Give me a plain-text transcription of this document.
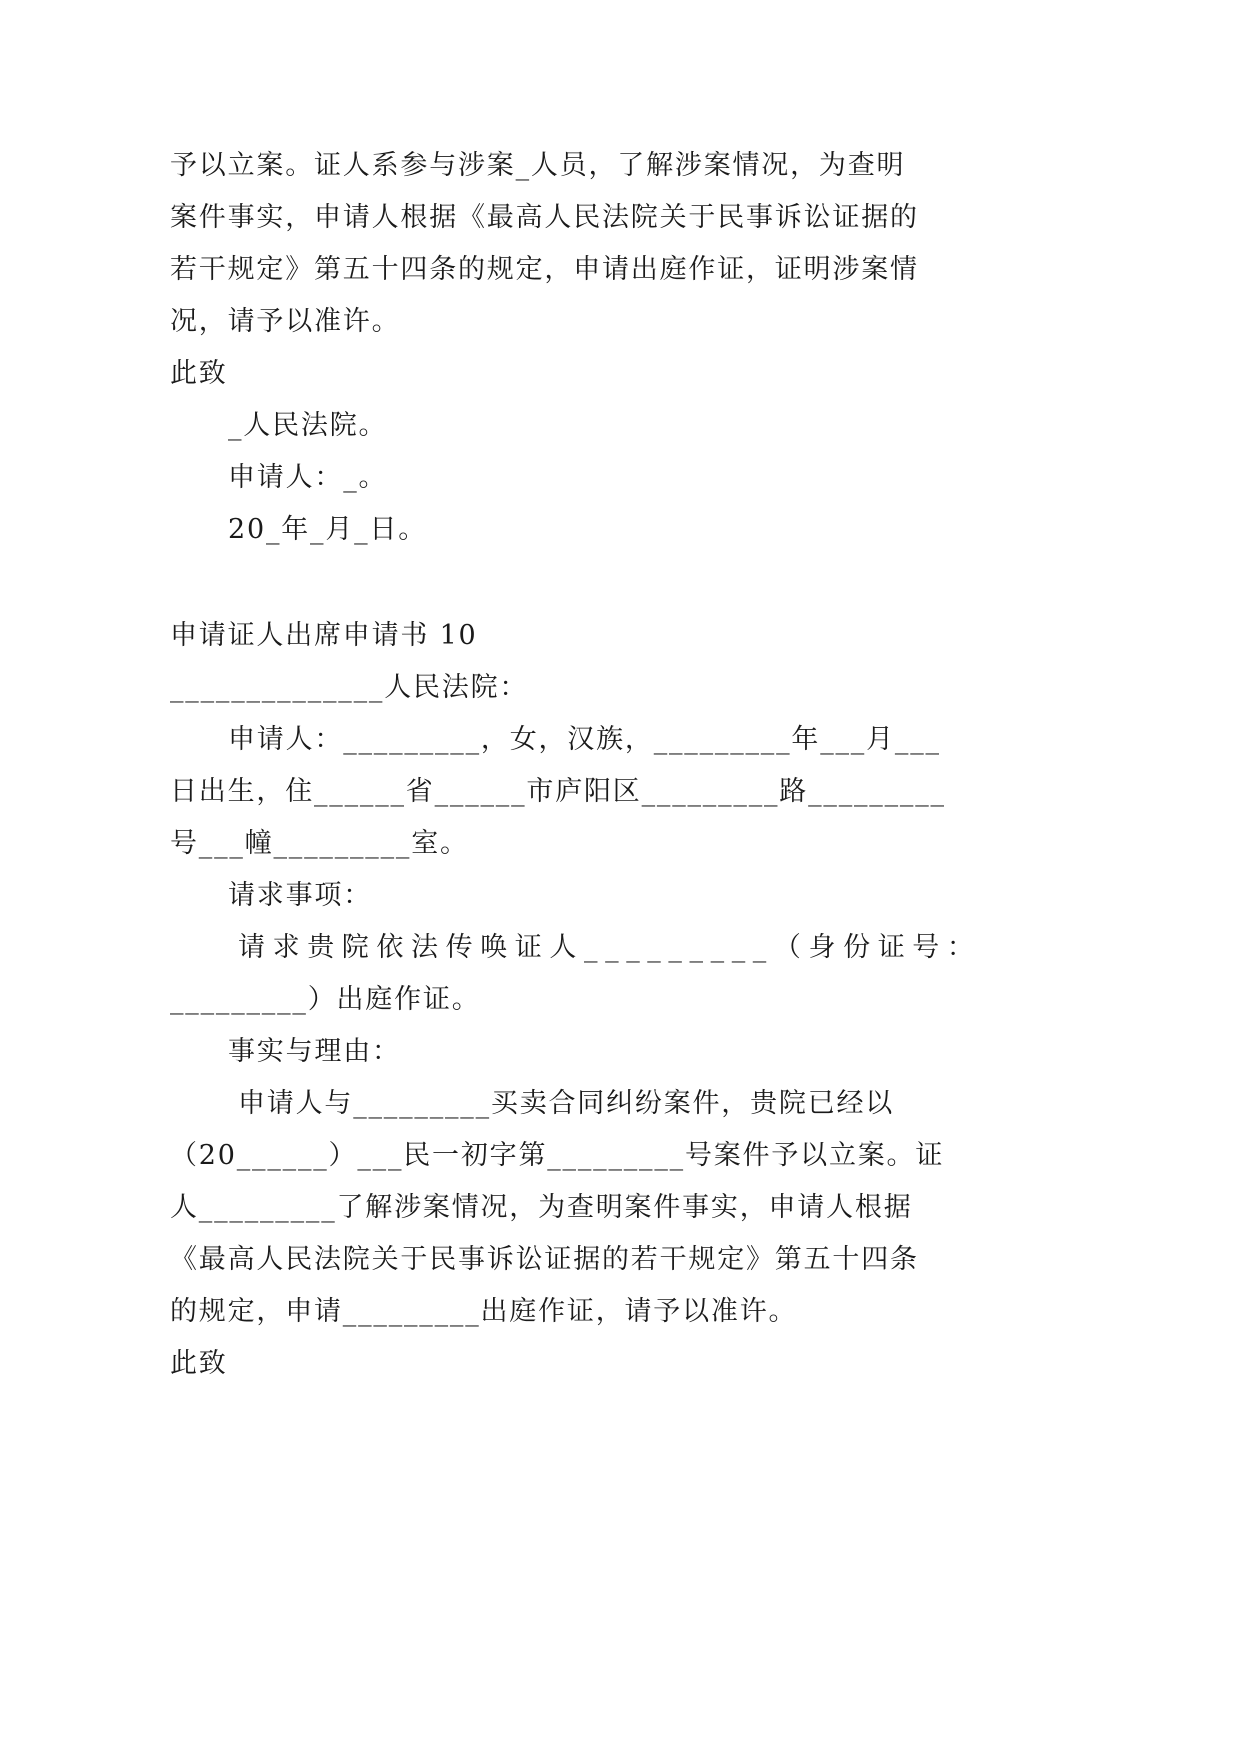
予以立案。证人系参与涉案_人员，了解涉案情况，为查明
案件事实，申请人根据《最高人民法院关于民事诉讼证据的
若干规定》第五十四条的规定，申请出庭作证，证明涉案情
况，请予以准许。
此致
_人民法院。
申请人：_。
20_年_月_日。
申请证人出席申请书 10
______________人民法院：
申请人：_________，女，汉族，_________年___月___
日出生，住______省______市庐阳区_________路_________
号___幢_________室。
请求事项：
请求贵院依法传唤证人_________（身份证号：
_________）出庭作证。
事实与理由：
申请人与_________买卖合同纠纷案件，贵院已经以
（20______）___民一初字第_________号案件予以立案。证
人_________了解涉案情况，为查明案件事实，申请人根据
《最高人民法院关于民事诉讼证据的若干规定》第五十四条
的规定，申请_________出庭作证，请予以准许。
此致
